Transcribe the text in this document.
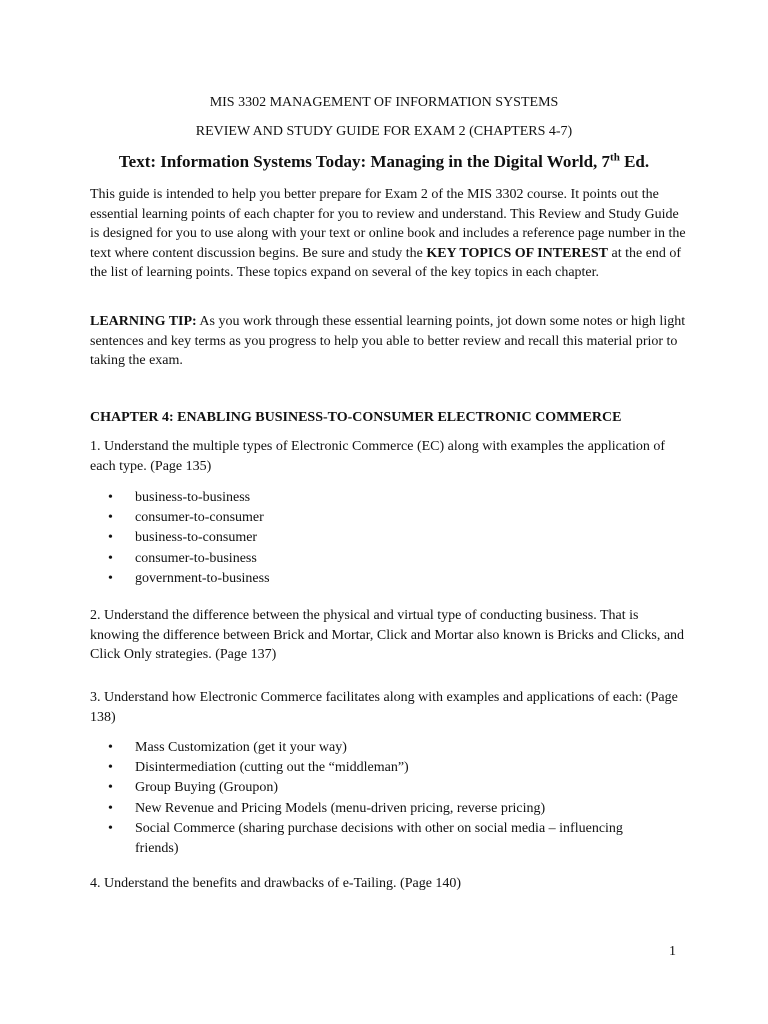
MIS 3302 MANAGEMENT OF INFORMATION SYSTEMS
REVIEW AND STUDY GUIDE FOR EXAM 2 (CHAPTERS 4-7)
Text: Information Systems Today: Managing in the Digital World, 7th Ed.
This guide is intended to help you better prepare for Exam 2 of the MIS 3302 course. It points out the essential learning points of each chapter for you to review and understand. This Review and Study Guide is designed for you to use along with your text or online book and includes a reference page number in the text where content discussion begins. Be sure and study the KEY TOPICS OF INTEREST at the end of the list of learning points. These topics expand on several of the key topics in each chapter.
LEARNING TIP: As you work through these essential learning points, jot down some notes or high light sentences and key terms as you progress to help you able to better review and recall this material prior to taking the exam.
CHAPTER 4: ENABLING BUSINESS-TO-CONSUMER ELECTRONIC COMMERCE
1. Understand the multiple types of Electronic Commerce (EC) along with examples the application of each type. (Page 135)
• business-to-business
• consumer-to-consumer
• business-to-consumer
• consumer-to-business
• government-to-business
2. Understand the difference between the physical and virtual type of conducting business. That is knowing the difference between Brick and Mortar, Click and Mortar also known is Bricks and Clicks, and Click Only strategies. (Page 137)
3. Understand how Electronic Commerce facilitates along with examples and applications of each: (Page 138)
• Mass Customization (get it your way)
• Disintermediation (cutting out the “middleman”)
• Group Buying (Groupon)
• New Revenue and Pricing Models (menu-driven pricing, reverse pricing)
• Social Commerce (sharing purchase decisions with other on social media – influencing friends)
4. Understand the benefits and drawbacks of e-Tailing. (Page 140)
1
